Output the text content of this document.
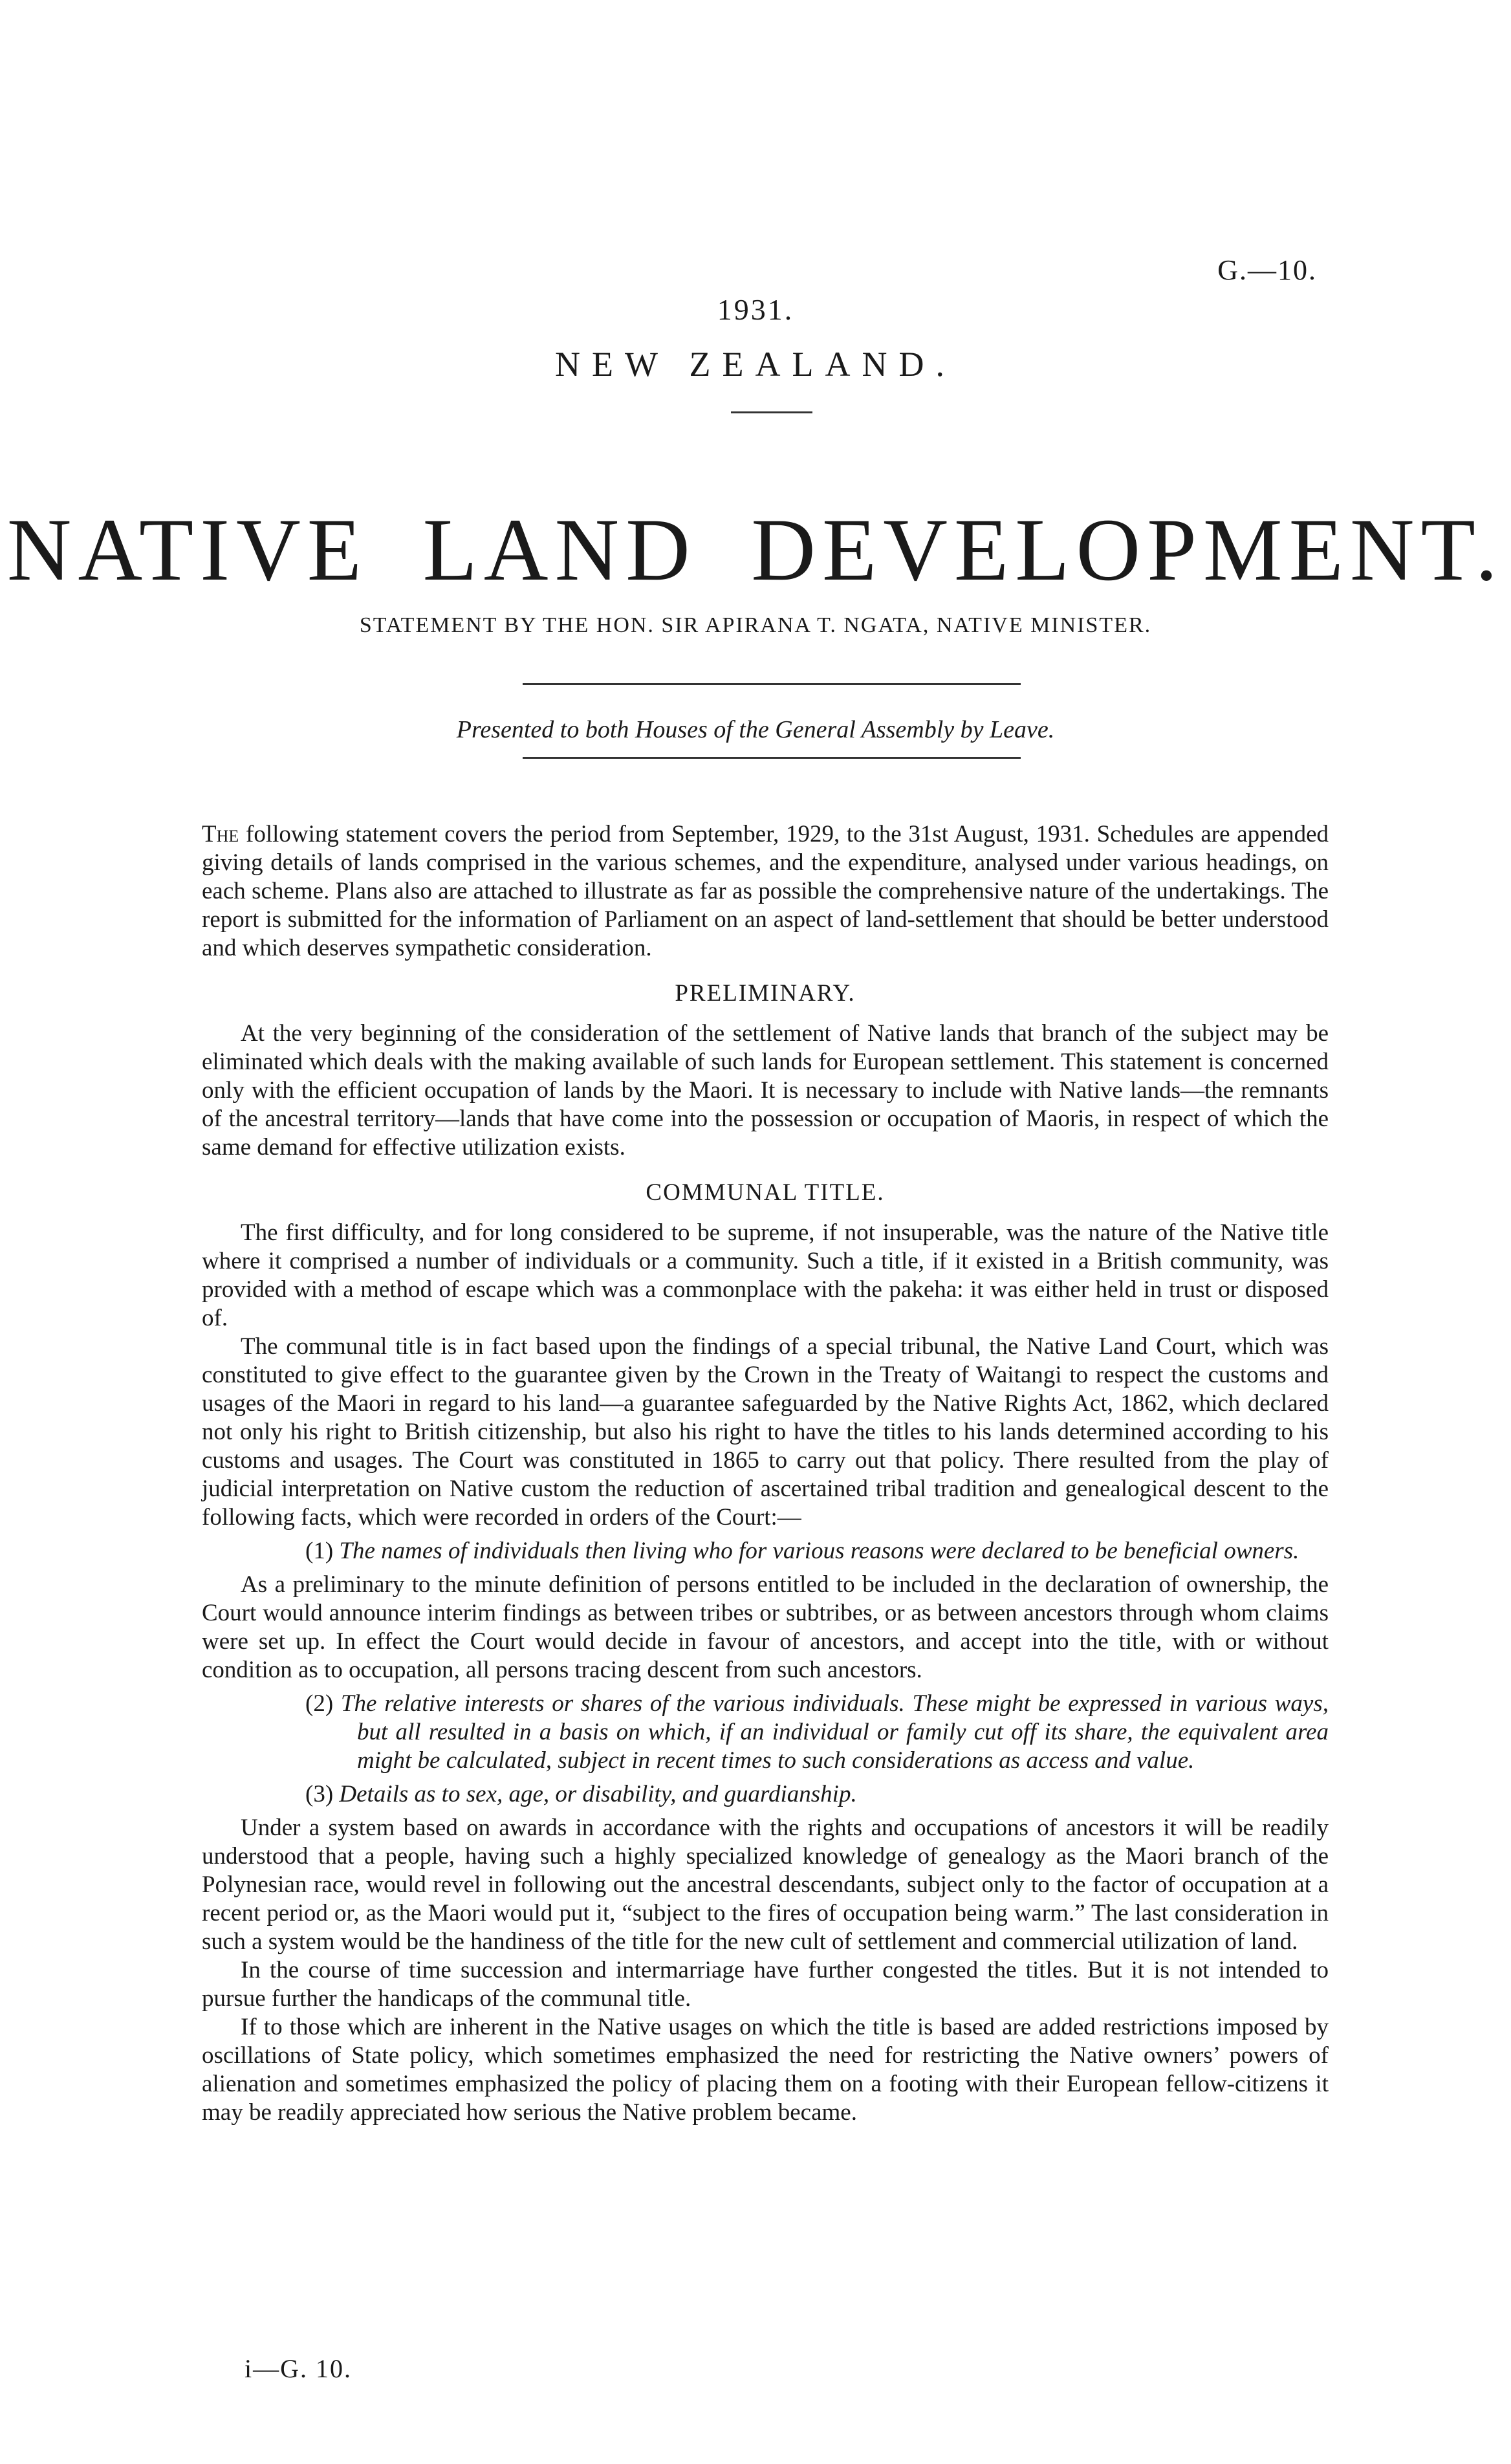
G.—10.
1931.
NEW ZEALAND.
NATIVE LAND DEVELOPMENT.
STATEMENT BY THE HON. SIR APIRANA T. NGATA, NATIVE MINISTER.
Presented to both Houses of the General Assembly by Leave.

The following statement covers the period from September, 1929, to the 31st August, 1931. Schedules are appended giving details of lands comprised in the various schemes, and the expenditure, analysed under various headings, on each scheme. Plans also are attached to illustrate as far as possible the comprehensive nature of the undertakings. The report is submitted for the information of Parliament on an aspect of land-settlement that should be better understood and which deserves sympathetic consideration.

PRELIMINARY.

At the very beginning of the consideration of the settlement of Native lands that branch of the subject may be eliminated which deals with the making available of such lands for European settlement. This statement is concerned only with the efficient occupation of lands by the Maori. It is necessary to include with Native lands—the remnants of the ancestral territory—lands that have come into the possession or occupation of Maoris, in respect of which the same demand for effective utilization exists.

COMMUNAL TITLE.

The first difficulty, and for long considered to be supreme, if not insuperable, was the nature of the Native title where it comprised a number of individuals or a community. Such a title, if it existed in a British community, was provided with a method of escape which was a commonplace with the pakeha: it was either held in trust or disposed of.

The communal title is in fact based upon the findings of a special tribunal, the Native Land Court, which was constituted to give effect to the guarantee given by the Crown in the Treaty of Waitangi to respect the customs and usages of the Maori in regard to his land—a guarantee safeguarded by the Native Rights Act, 1862, which declared not only his right to British citizenship, but also his right to have the titles to his lands determined according to his customs and usages. The Court was constituted in 1865 to carry out that policy. There resulted from the play of judicial interpretation on Native custom the reduction of ascertained tribal tradition and genealogical descent to the following facts, which were recorded in orders of the Court:—

(1) The names of individuals then living who for various reasons were declared to be beneficial owners.

As a preliminary to the minute definition of persons entitled to be included in the declaration of ownership, the Court would announce interim findings as between tribes or subtribes, or as between ancestors through whom claims were set up. In effect the Court would decide in favour of ancestors, and accept into the title, with or without condition as to occupation, all persons tracing descent from such ancestors.

(2) The relative interests or shares of the various individuals. These might be expressed in various ways, but all resulted in a basis on which, if an individual or family cut off its share, the equivalent area might be calculated, subject in recent times to such considerations as access and value.
(3) Details as to sex, age, or disability, and guardianship.

Under a system based on awards in accordance with the rights and occupations of ancestors it will be readily understood that a people, having such a highly specialized knowledge of genealogy as the Maori branch of the Polynesian race, would revel in following out the ancestral descendants, subject only to the factor of occupation at a recent period or, as the Maori would put it, “subject to the fires of occupation being warm.” The last consideration in such a system would be the handiness of the title for the new cult of settlement and commercial utilization of land.

In the course of time succession and intermarriage have further congested the titles. But it is not intended to pursue further the handicaps of the communal title.

If to those which are inherent in the Native usages on which the title is based are added restrictions imposed by oscillations of State policy, which sometimes emphasized the need for restricting the Native owners’ powers of alienation and sometimes emphasized the policy of placing them on a footing with their European fellow-citizens it may be readily appreciated how serious the Native problem became.

i—G. 10.
